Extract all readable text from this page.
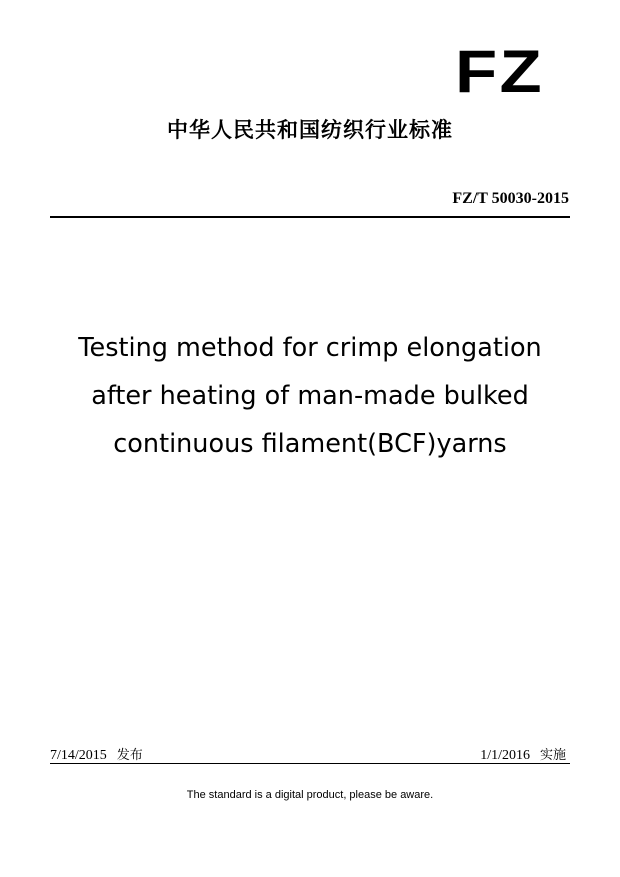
FZ
中华人民共和国纺织行业标准
FZ/T 50030-2015
Testing method for crimp elongation
after heating of man-made bulked
continuous filament(BCF)yarns
7/14/2015 发布	1/1/2016 实施
The standard is a digital product, please be aware.
